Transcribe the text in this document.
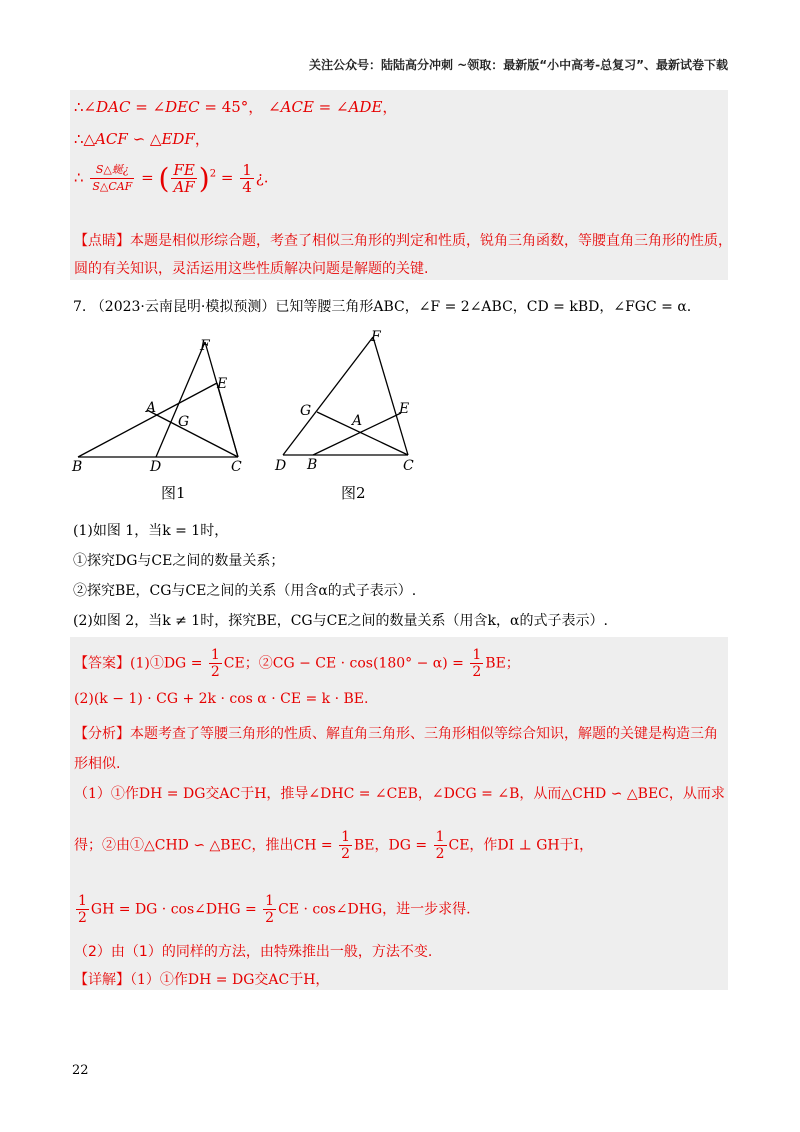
关注公众号：陆陆高分冲刺 ~领取：最新版“小中高考-总复习”、最新试卷下载
∴∠DAC = ∠DEC = 45°， ∠ACE = ∠ADE，
∴△ACF ∽ △EDF，
∴ $\frac{\text{S△蜒¿}}{\text{S△CAF}}$ = ( $\frac{FE}{AF} )^2 = \frac{1}{4}$ ¿.
【点睛】本题是相似形综合题，考查了相似三角形的判定和性质，锐角三角函数，等腰直角三角形的性质，
圆的有关知识，灵活运用这些性质解决问题是解题的关键.
7. （2023·云南昆明·模拟预测）已知等腰三角形ABC，∠F = 2∠ABC，CD = kBD，∠FGC = α.
F
E
A
G
B	D	C
图1
F
G
A
E
D B	C
图2
(1)如图 1，当k = 1时，
①探究DG与CE之间的数量关系；
②探究BE，CG与CE之间的关系（用含α的式子表示）.
(2)如图 2，当k ≠ 1时，探究BE，CG与CE之间的数量关系（用含k，α的式子表示）.
【答案】(1)①DG = $\frac{1}{2}$ CE；②CG − CE · $\cos(180^\circ - \alpha) = \frac{1}{2}$ BE；
(2)(k − 1) · CG + 2k · cos α · CE = k · BE.
【分析】本题考查了等腰三角形的性质、解直角三角形、三角形相似等综合知识，解题的关键是构造三角
形相似.
（1）①作DH = DG交AC于H，推导∠DHC = ∠CEB，∠DCG = ∠B，从而△CHD ∽ △BEC，从而求
得；②由①△CHD ∽ △BEC，推出CH = $\frac{1}{2}$ BE，DG = $\frac{1}{2}$ CE，作DI ⊥ GH于I，
$\frac{1}{2}$ GH = DG · cos∠DHG = $\frac{1}{2}$ CE · cos∠DHG，进一步求得.
（2）由（1）的同样的方法，由特殊推出一般，方法不变.
【详解】（1）①作DH = DG交AC于H，
22
